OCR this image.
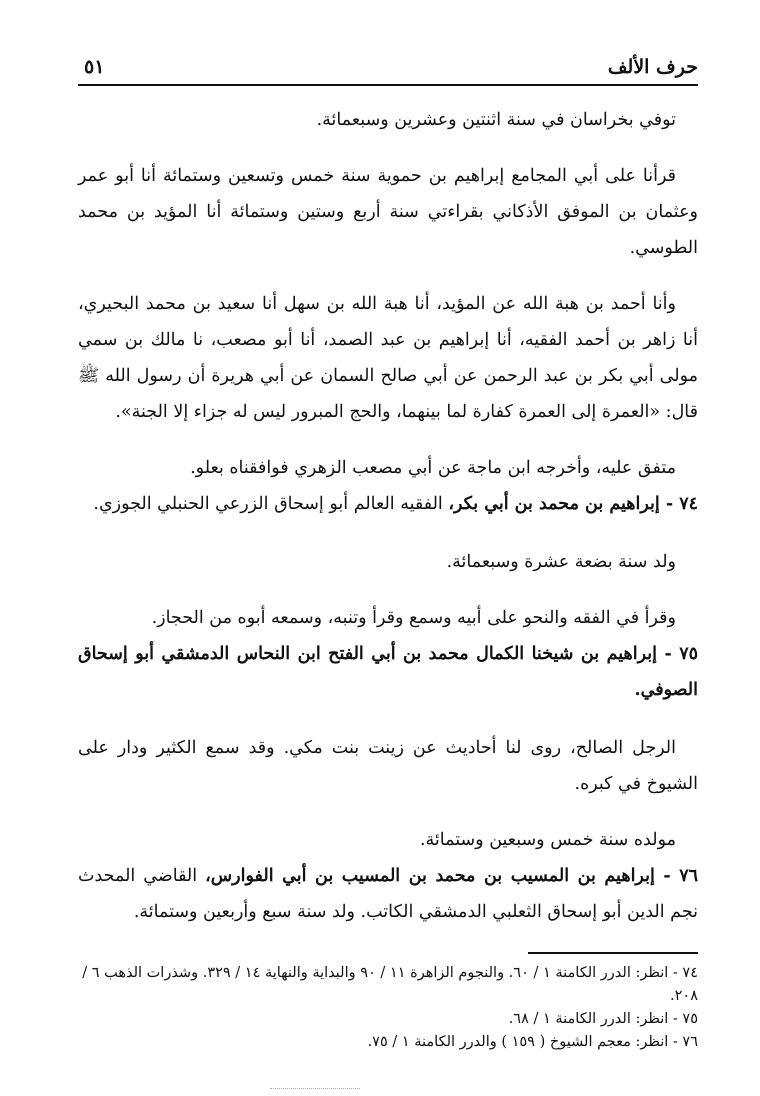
حرف الألف
٥١

توفي بخراسان في سنة اثنتين وعشرين وسبعمائة.

قرأنا على أبي المجامع إبراهيم بن حموية سنة خمس وتسعين وستمائة أنا أبو عمر وعثمان بن الموفق الأذكاني بقراءتي سنة أربع وستين وستمائة أنا المؤيد بن محمد الطوسي.

وأنا أحمد بن هبة الله عن المؤيد، أنا هبة الله بن سهل أنا سعيد بن محمد البحيري، أنا زاهر بن أحمد الفقيه، أنا إبراهيم بن عبد الصمد، أنا أبو مصعب، نا مالك بن سمي مولى أبي بكر بن عبد الرحمن عن أبي صالح السمان عن أبي هريرة أن رسول الله ﷺ قال: «العمرة إلى العمرة كفارة لما بينهما، والحج المبرور ليس له جزاء إلا الجنة».

متفق عليه، وأخرجه ابن ماجة عن أبي مصعب الزهري فوافقناه بعلو.

٧٤ - إبراهيم بن محمد بن أبي بكر، الفقيه العالم أبو إسحاق الزرعي الحنبلي الجوزي.

ولد سنة بضعة عشرة وسبعمائة.

وقرأ في الفقه والنحو على أبيه وسمع وقرأ وتنبه، وسمعه أبوه من الحجاز.

٧٥ - إبراهيم بن شيخنا الكمال محمد بن أبي الفتح ابن النحاس الدمشقي أبو إسحاق الصوفي.

الرجل الصالح، روى لنا أحاديث عن زينت بنت مكي. وقد سمع الكثير ودار على الشيوخ في كبره.

مولده سنة خمس وسبعين وستمائة.

٧٦ - إبراهيم بن المسيب بن محمد بن المسيب بن أبي الفوارس، القاضي المحدث نجم الدين أبو إسحاق الثعلبي الدمشقي الكاتب. ولد سنة سبع وأربعين وستمائة.

٧٤ - انظر: الدرر الكامنة ١ / ٦٠. والنجوم الزاهرة ١١ / ٩٠ والبداية والنهاية ١٤ / ٣٢٩. وشذرات الذهب ٦ / ٢٠٨.

٧٥ - انظر: الدرر الكامنة ١ / ٦٨.

٧٦ - انظر: معجم الشيوخ ( ١٥٩ ) والدرر الكامنة ١ / ٧٥.
